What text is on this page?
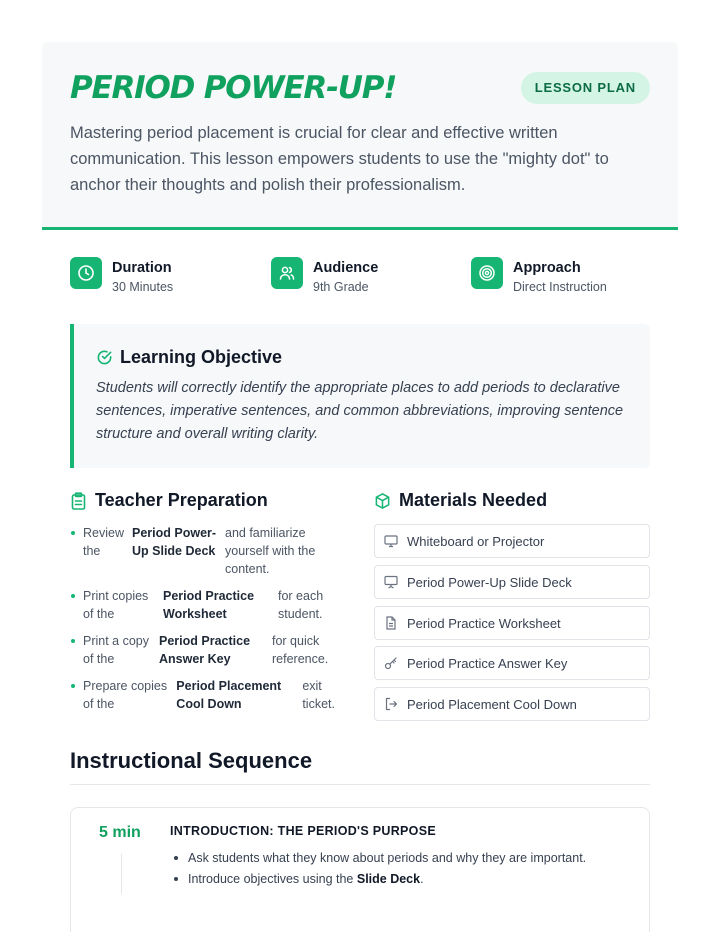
PERIOD POWER-UP!	LESSON PLAN

Mastering period placement is crucial for clear and effective written communication. This lesson empowers students to use the "mighty dot" to anchor their thoughts and polish their professionalism.

Duration
30 Minutes
Audience
9th Grade
Approach
Direct Instruction
Learning Objective

Students will correctly identify the appropriate places to add periods to declarative sentences, imperative sentences, and common abbreviations, improving sentence structure and overall writing clarity.

Teacher Preparation
Review the
Period Power-Up Slide Deck
and familiarize yourself with the content.
Print copies of the
Period Practice Worksheet
for each student.
Print a copy of the
Period Practice Answer Key
for quick reference.
Prepare copies of the
Period Placement Cool Down
exit ticket.
Materials Needed
Whiteboard or Projector
Period Power-Up Slide Deck
Period Practice Worksheet
Period Practice Answer Key
Period Placement Cool Down
Instructional Sequence
5 min INTRODUCTION: THE PERIOD'S PURPOSE
Ask students what they know about periods and why they are important.
Introduce objectives using the Slide Deck.
